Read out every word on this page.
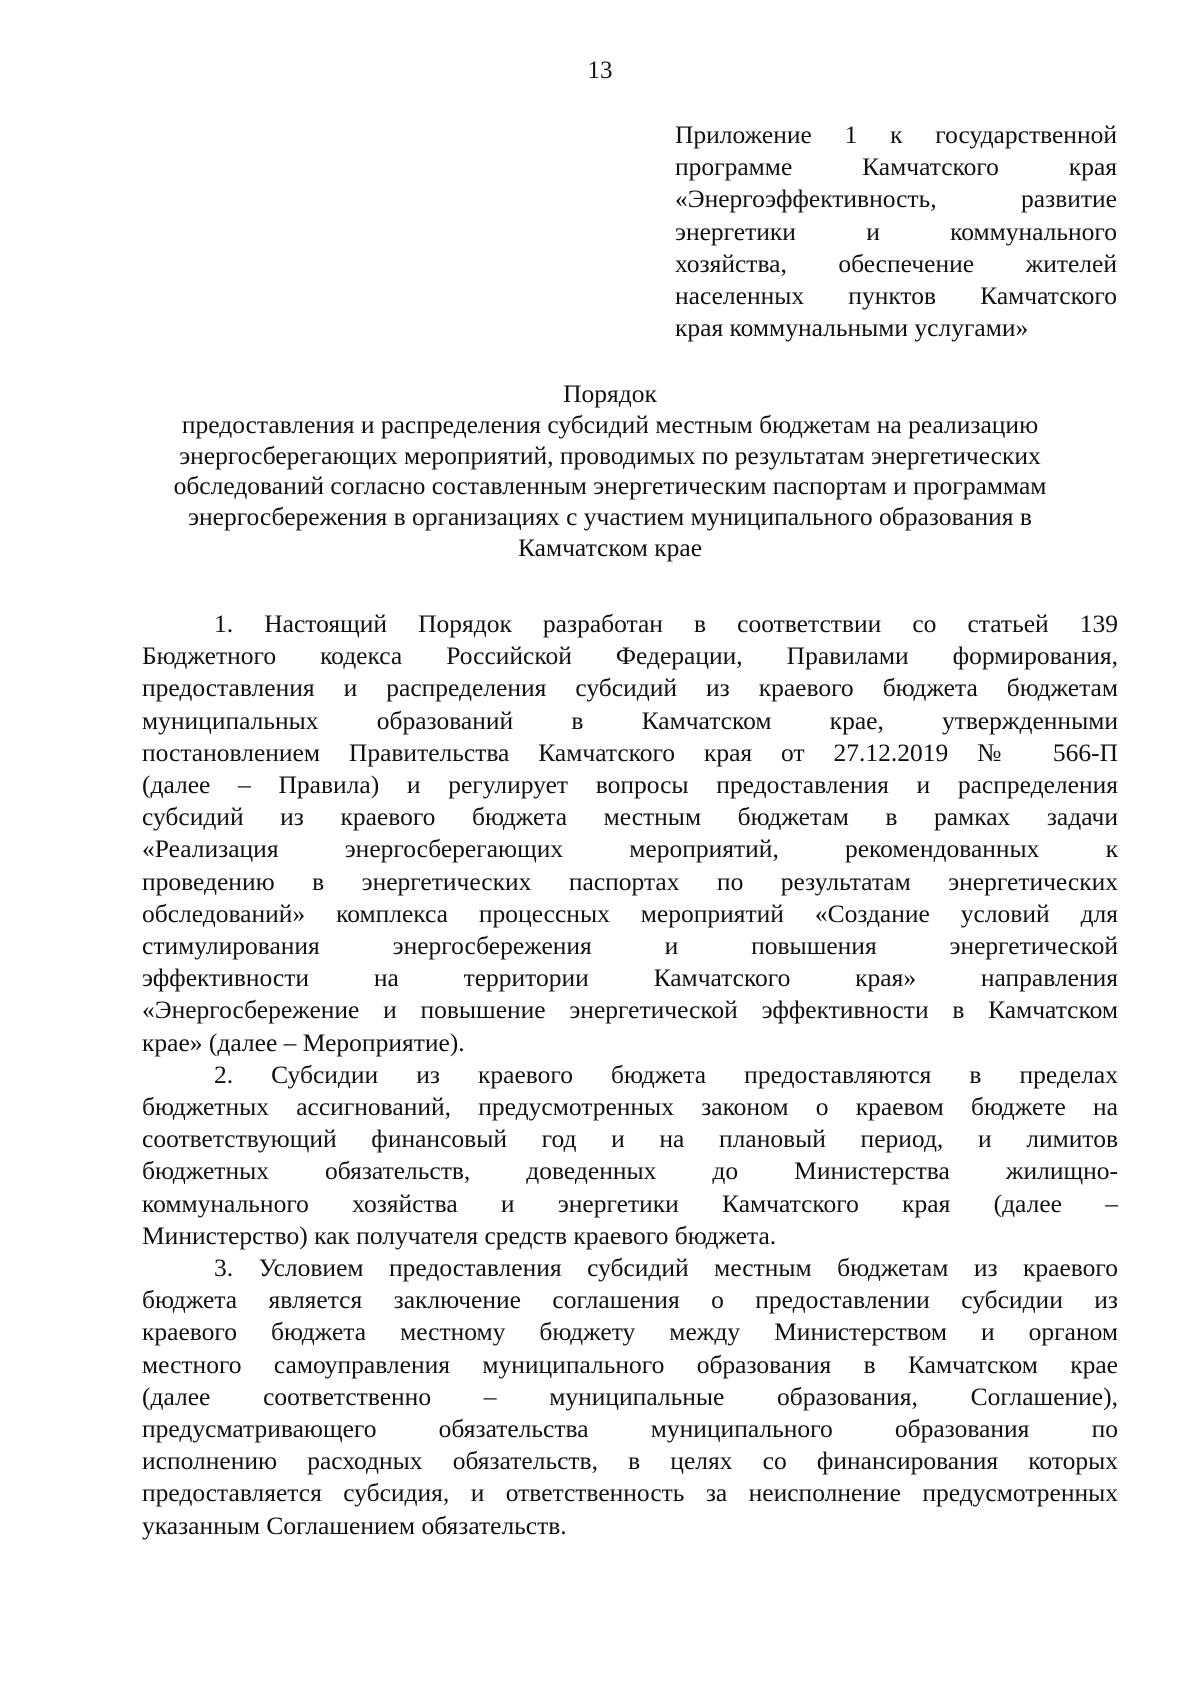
13
Приложение 1 к государственной
программе Камчатского края
«Энергоэффективность, развитие
энергетики и коммунального
хозяйства, обеспечение жителей
населенных пунктов Камчатского
края коммунальными услугами»
Порядок
предоставления и распределения субсидий местным бюджетам на реализацию
энергосберегающих мероприятий, проводимых по результатам энергетических
обследований согласно составленным энергетическим паспортам и программам
энергосбережения в организациях с участием муниципального образования в
Камчатском крае
1. Настоящий Порядок разработан в соответствии со статьей 139
Бюджетного кодекса Российской Федерации, Правилами формирования,
предоставления и распределения субсидий из краевого бюджета бюджетам
муниципальных образований в Камчатском крае, утвержденными
постановлением Правительства Камчатского края от 27.12.2019 № 566-П
(далее – Правила) и регулирует вопросы предоставления и распределения
субсидий из краевого бюджета местным бюджетам в рамках задачи
«Реализация энергосберегающих мероприятий, рекомендованных к
проведению в энергетических паспортах по результатам энергетических
обследований» комплекса процессных мероприятий «Создание условий для
стимулирования энергосбережения и повышения энергетической
эффективности на территории Камчатского края» направления
«Энергосбережение и повышение энергетической эффективности в Камчатском
крае» (далее – Мероприятие).
2. Субсидии из краевого бюджета предоставляются в пределах
бюджетных ассигнований, предусмотренных законом о краевом бюджете на
соответствующий финансовый год и на плановый период, и лимитов
бюджетных обязательств, доведенных до Министерства жилищно-
коммунального хозяйства и энергетики Камчатского края (далее –
Министерство) как получателя средств краевого бюджета.
3. Условием предоставления субсидий местным бюджетам из краевого
бюджета является заключение соглашения о предоставлении субсидии из
краевого бюджета местному бюджету между Министерством и органом
местного самоуправления муниципального образования в Камчатском крае
(далее соответственно – муниципальные образования, Соглашение),
предусматривающего обязательства муниципального образования по
исполнению расходных обязательств, в целях со финансирования которых
предоставляется субсидия, и ответственность за неисполнение предусмотренных
указанным Соглашением обязательств.
